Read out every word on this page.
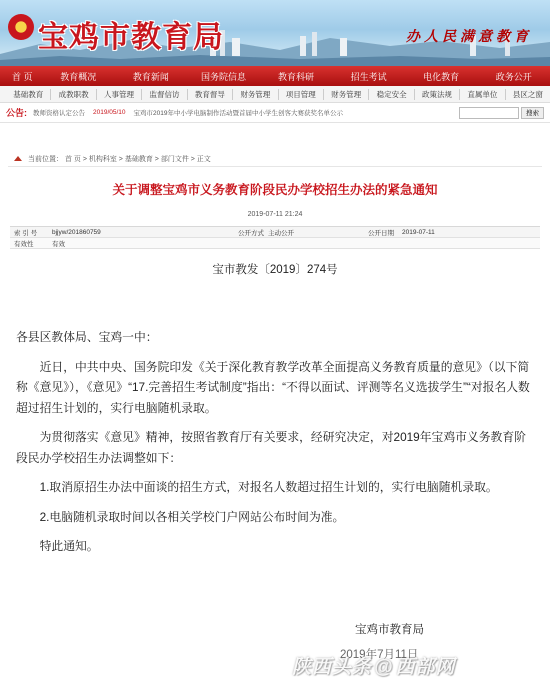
宝鸡市教育局	办人民满意教育
首 页	教育概况	教育新闻	国务院信息	教育科研	招生考试	电化教育	政务公开
基础教育	成教职教	人事管理	监督信访	教育督导	财务管理	项目管理	财务管理	稳定安全	政策法规	直属单位	县区之窗
公告: 教师资格认定公告 2019/05/10 宝鸡市2019年中小学电脑制作活动暨首届中小学生创客大赛获奖名单公示	搜索
当前位置： 首 页 > 机构科室 > 基础教育 > 部门文件 > 正文
关于调整宝鸡市义务教育阶段民办学校招生办法的紧急通知
2019-07-11 21:24
索 引 号	bjjyw/201860759	公开方式 主动公开	公开日期	2019-07-11
有效性	有效
宝市教发〔2019〕274号

各县区教体局、宝鸡一中：

近日，中共中央、国务院印发《关于深化教育教学改革全面提高义务教育质量的意见》（以下简称《意见》），《意见》“17.完善招生考试制度”指出：“不得以面试、评测等名义选拔学生”“对报名人数超过招生计划的，实行电脑随机录取。

为贯彻落实《意见》精神，按照省教育厅有关要求，经研究决定，对2019年宝鸡市义务教育阶段民办学校招生办法调整如下：

1.取消原招生办法中面谈的招生方式，对报名人数超过招生计划的，实行电脑随机录取。

2.电脑随机录取时间以各相关学校门户网站公布时间为准。

特此通知。

宝鸡市教育局
2019年7月11日
陕西头条 @ 西部网
